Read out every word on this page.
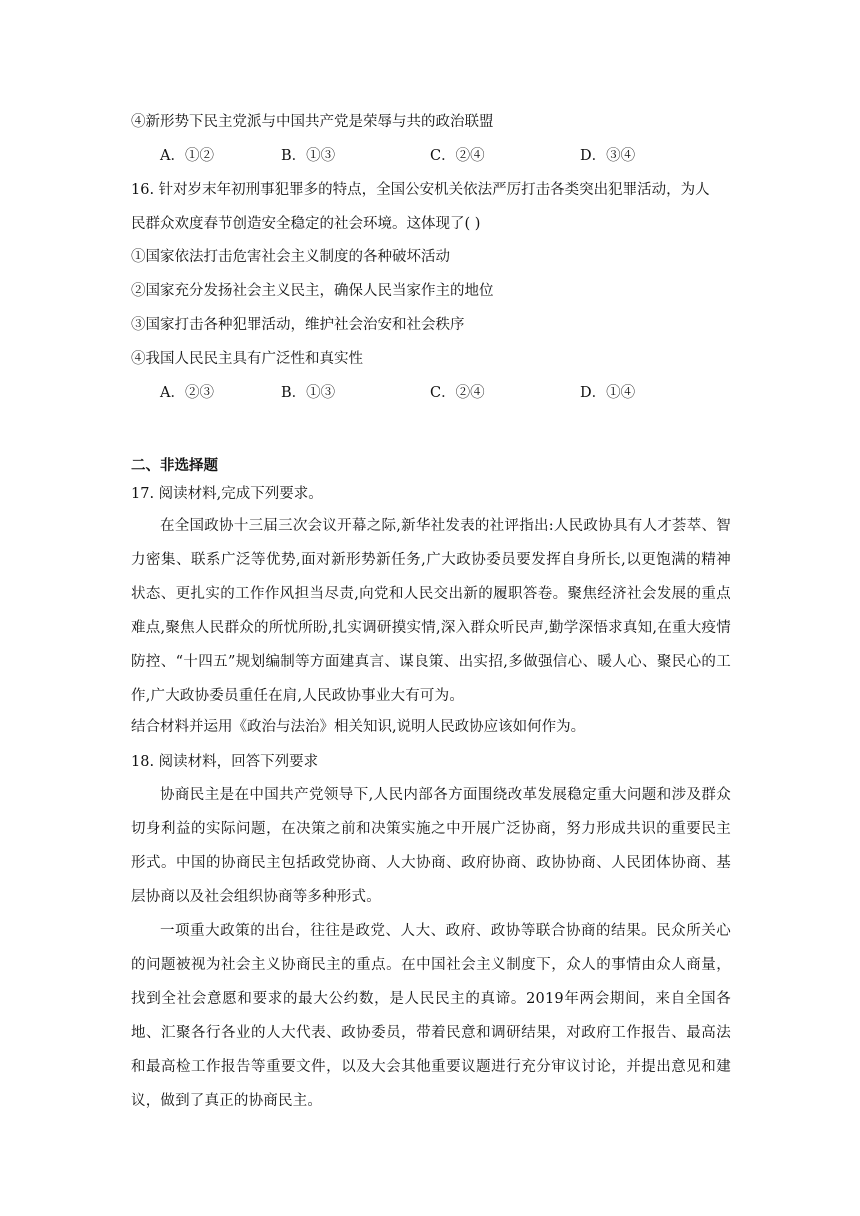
④新形势下民主党派与中国共产党是荣辱与共的政治联盟
A．①②	B．①③	C．②④	D．③④
16. 针对岁末年初刑事犯罪多的特点，全国公安机关依法严厉打击各类突出犯罪活动，为人
民群众欢度春节创造安全稳定的社会环境。这体现了( )
①国家依法打击危害社会主义制度的各种破坏活动
②国家充分发扬社会主义民主，确保人民当家作主的地位
③国家打击各种犯罪活动，维护社会治安和社会秩序
④我国人民民主具有广泛性和真实性
A．②③	B．①③	C．②④	D．①④
二、非选择题
17. 阅读材料,完成下列要求。
在全国政协十三届三次会议开幕之际,新华社发表的社评指出:人民政协具有人才荟萃、智力密集、联系广泛等优势,面对新形势新任务,广大政协委员要发挥自身所长,以更饱满的精神状态、更扎实的工作作风担当尽责,向党和人民交出新的履职答卷。聚焦经济社会发展的重点难点,聚焦人民群众的所忧所盼,扎实调研摸实情,深入群众听民声,勤学深悟求真知,在重大疫情防控、“十四五”规划编制等方面建真言、谋良策、出实招,多做强信心、暖人心、聚民心的工作,广大政协委员重任在肩,人民政协事业大有可为。
结合材料并运用《政治与法治》相关知识,说明人民政协应该如何作为。
18. 阅读材料，回答下列要求
协商民主是在中国共产党领导下,人民内部各方面围绕改革发展稳定重大问题和涉及群众切身利益的实际问题，在决策之前和决策实施之中开展广泛协商，努力形成共识的重要民主形式。中国的协商民主包括政党协商、人大协商、政府协商、政协协商、人民团体协商、基层协商以及社会组织协商等多种形式。
一项重大政策的出台，往往是政党、人大、政府、政协等联合协商的结果。民众所关心的问题被视为社会主义协商民主的重点。在中国社会主义制度下，众人的事情由众人商量，找到全社会意愿和要求的最大公约数，是人民民主的真谛。2019年两会期间，来自全国各地、汇聚各行各业的人大代表、政协委员，带着民意和调研结果，对政府工作报告、最高法和最高检工作报告等重要文件，以及大会其他重要议题进行充分审议讨论，并提出意见和建议，做到了真正的协商民主。
